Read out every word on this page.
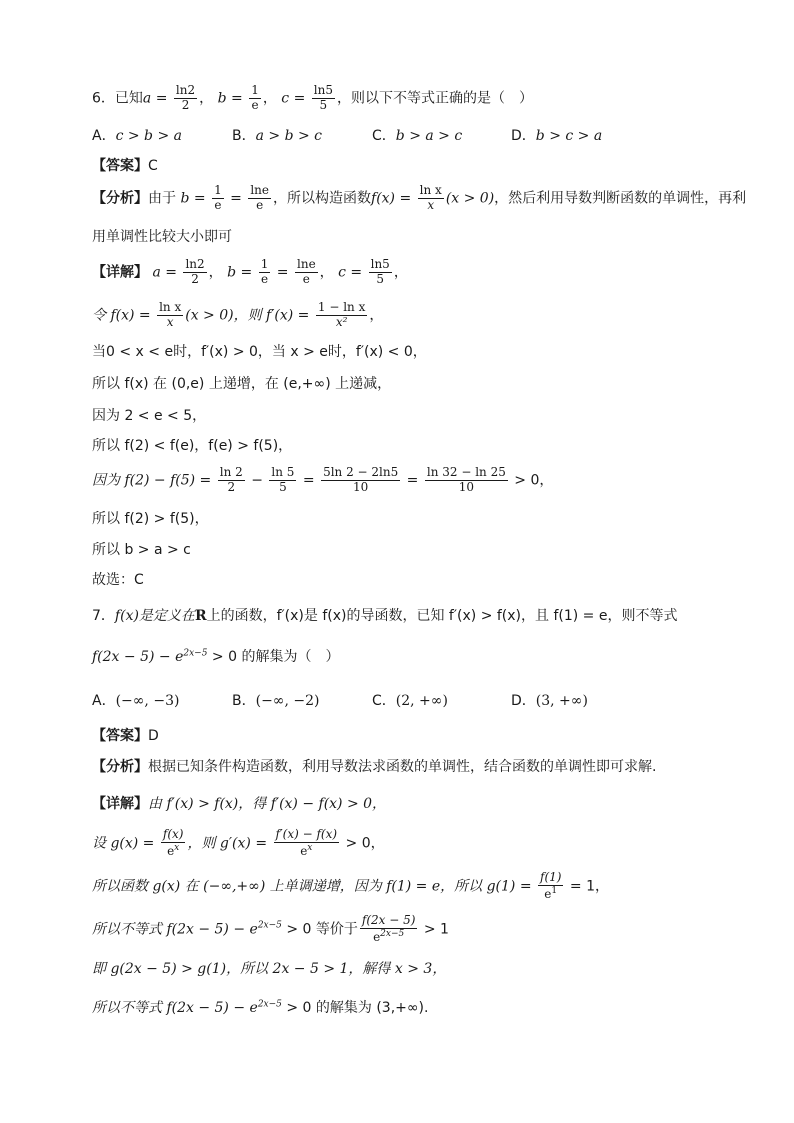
6．已知$a = \frac{\ln 2}{2}$ ， $b = \frac{1}{e}$ ， $c = \frac{\ln 5}{5}$ ，则以下不等式正确的是（　）
A．c > b > a	B．a > b > c	C．b > a > c	D．b > c > a
【答案】C
【分析】由于 $b = \frac{1}{e} = \frac{\ln e}{e}$ ，所以构造函数$f(x) = \frac{\text{ln x}}{x} (x > 0)$，然后利用导数判断函数的单调性，再利
用单调性比较大小即可
【详解】 $a = \frac{\ln 2}{2}$ ， $b = \frac{1}{e} = \frac{\ln e}{e}$ ， $c = \frac{\ln 5}{5}$ ，
令 $f(x) = \frac{\text{ln x}}{x} (x > 0)$，则 $f'(x) = \frac{\text{1 − ln x}}{\text{x²}}$ ，
当0 < x < e时，f′(x) > 0，当 x > e时，f′(x) < 0，
所以 f(x) 在 (0,e) 上递增，在 (e,+∞) 上递减，
因为 2 < e < 5，
所以 f(2) < f(e)，f(e) > f(5)，
因为 $f(2) - f(5) = \frac{\ln 2}{2} - \frac{\ln 5}{5} = \frac{5\ln 2 - 2\ln 5}{10} = \frac{\ln 32 - \ln 25}{10} > 0$，
所以 f(2) > f(5)，
所以 b > a > c
故选：C
7．f(x)是定义在R上的函数，f′(x)是 f(x)的导函数，已知 f′(x) > f(x)，且 f(1) = e，则不等式
$f(2x - 5) - e^{2x-5} > 0$ 的解集为（　）
A．(−∞, −3)	B．(−∞, −2)	C．(2, +∞)	D．(3, +∞)
【答案】D
【分析】根据已知条件构造函数，利用导数法求函数的单调性，结合函数的单调性即可求解.
【详解】由 f′(x) > f(x)，得 f′(x) − f(x) > 0，
设 $g(x) = \frac{f(x)}{e^x}$ ，则 $g'(x) = \frac{f'(x) - f(x)}{e^x} > 0$，
所以函数 g(x) 在 (−∞,+∞) 上单调递增，因为 f(1) = e，所以 $g(1) = \frac{f(1)}{e^1} = 1$，
所以不等式 $f(2x - 5) - e^{2x-5} > 0$ 等价于 $\frac{f(2x - 5)}{e^{2x-5}} > 1$
即 g(2x − 5) > g(1)，所以 2x − 5 > 1，解得 x > 3，
所以不等式 $f(2x - 5) - e^{2x-5} > 0$ 的解集为 (3,+∞).
